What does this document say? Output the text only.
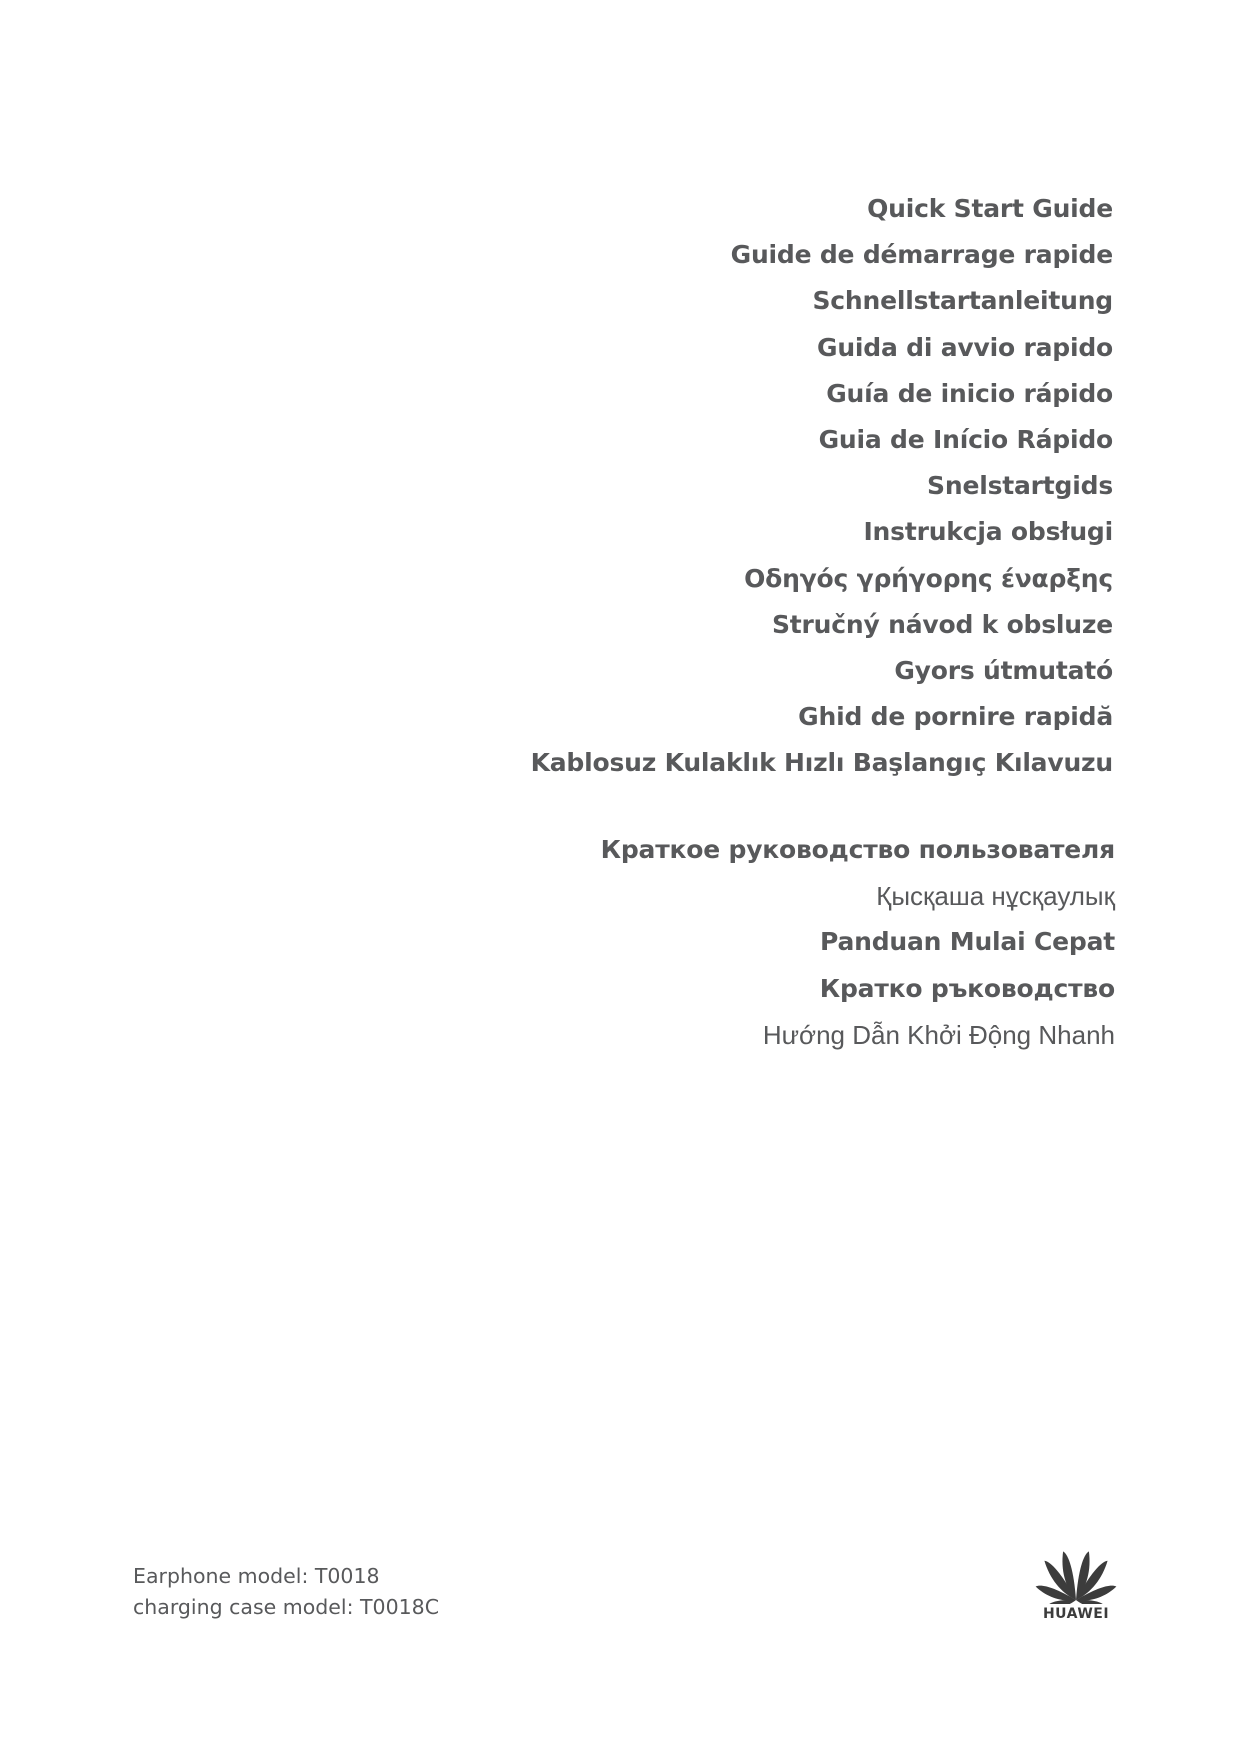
Quick Start Guide
Guide de démarrage rapide
Schnellstartanleitung
Guida di avvio rapido
Guía de inicio rápido
Guia de Início Rápido
Snelstartgids
Instrukcja obsługi
Οδηγός γρήγορης έναρξης
Stručný návod k obsluze
Gyors útmutató
Ghid de pornire rapidă
Kablosuz Kulaklık Hızlı Başlangıç Kılavuzu
Краткое руководство пользователя
Қысқаша нұсқаулық
Panduan Mulai Cepat
Кратко ръководство
Hướng Dẫn Khởi Động Nhanh
Earphone model: T0018
charging case model: T0018C	HUAWEI
